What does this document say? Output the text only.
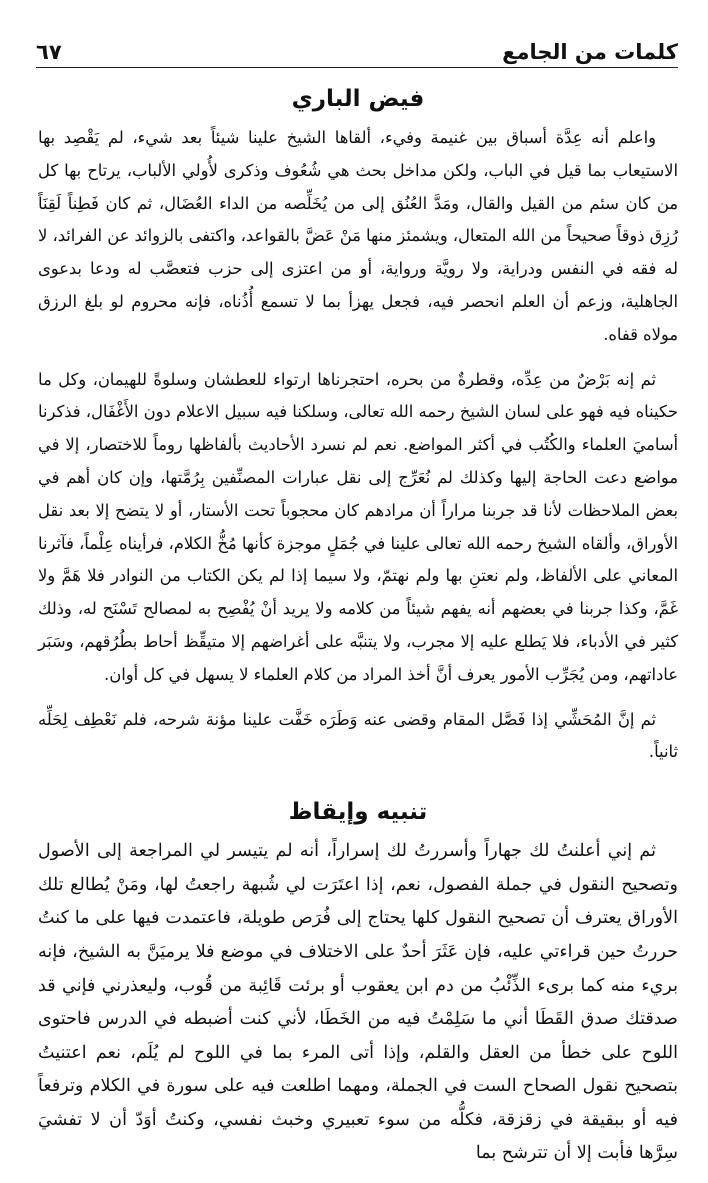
٦٧	كلمات من الجامع
فيض الباري

واعلم أنه عِدَّة أسباق بين غنيمة وفيء، ألقاها الشيخ علينا شيئاً بعد شيء، لم يَقْصِد بها الاستيعاب بما قيل في الباب، ولكن مداخل بحث هي شُعُوف وذكرى لأُولي الألباب، يرتاح بها كل من كان سئم من القيل والقال، ومَدَّ العُنُق إلى من يُخَلِّصه من الداء العُضَال، ثم كان فَطِناً لَقِنَاً رُزِق ذوقاً صحيحاً من الله المتعال، ويشمئز منها مَنْ عَضَّ بالقواعد، واكتفى بالزوائد عن الفرائد، لا له فقه في النفس ودراية، ولا رويَّة ورواية، أو من اعتزى إلى حزب فتعصَّب له ودعا بدعوى الجاهلية، وزعم أن العلم انحصر فيه، فجعل يهزأ بما لا تسمع أُذُناه، فإنه محروم لو بلغ الرزق مولاه قفاه.

ثم إنه بَرْضٌ من عِدِّه، وقطرةٌ من بحره، احتجرناها ارتواء للعطشان وسلوةً للهيمان، وكل ما حكيناه فيه فهو على لسان الشيخ رحمه الله تعالى، وسلكنا فيه سبيل الاعلام دون الأَغْفَال، فذكرنا أساميَ العلماء والكُتُب في أكثر المواضع. نعم لم نسرد الأحاديث بألفاظها روماً للاختصار، إلا في مواضع دعت الحاجة إليها وكذلك لم نُعَرِّج إلى نقل عبارات المصنِّفين بِرُمَّتها، وإن كان أهم في بعض الملاحظات لأنا قد جربنا مراراً أن مرادهم كان محجوباً تحت الأستار، أو لا يتضح إلا بعد نقل الأوراق، وألقاه الشيخ رحمه الله تعالى علينا في جُمَلٍ موجزة كأنها مُخُّ الكلام، فرأيناه عِلْماً، فآثرنا المعاني على الألفاظ، ولم نعتنِ بها ولم نهتمّ، ولا سيما إذا لم يكن الكتاب من النوادر فلا هَمَّ ولا غَمَّ، وكذا جربنا في بعضهم أنه يفهم شيئاً من كلامه ولا يريد أنْ يُفْصِح به لمصالح تَسْنَح له، وذلك كثير في الأدباء، فلا يَطلع عليه إلا مجرب، ولا يتنبَّه على أغراضهم إلا متيقِّظ أحاط بطُرُقهم، وسَبَر عاداتهم، ومن يُجَرِّب الأمور يعرف أنَّ أخذ المراد من كلام العلماء لا يسهل في كل أوان.

ثم إنَّ المُحَشِّي إذا فَصَّل المقام وقضى عنه وَطَرَه خَفَّت علينا مؤنة شرحه، فلم نَعْطِف لِحَلِّه ثانياً.

تنبيه وإيقاظ

ثم إني أعلنتُ لك جهاراً وأسررتُ لك إسراراً، أنه لم يتيسر لي المراجعة إلى الأصول وتصحيح النقول في جملة الفصول، نعم، إذا اعتَرَت لي شُبهة راجعتُ لها، ومَنْ يُطالع تلك الأوراق يعترف أن تصحيح النقول كلها يحتاج إلى فُرَص طويلة، فاعتمدت فيها على ما كنتُ حررتُ حين قراءتي عليه، فإن عَثَرَ أحدٌ على الاختلاف في موضع فلا يرميَنَّ به الشيخ، فإنه بريء منه كما برىء الذِّئْبُ من دم ابن يعقوب أو برئت قَائِبة من قُوب، وليعذرني فإني قد صدقتك صدق القَطَا أني ما سَلِمْتُ فيه من الخَطَا، لأني كنت أضبطه في الدرس فاحتوى اللوح على خطأ من العقل والقلم، وإذا أتى المرء بما في اللوح لم يُلَم، نعم اعتنيتُ بتصحيح نقول الصحاح الست في الجملة، ومهما اطلعت فيه على سورة في الكلام وترفعاً فيه أو ببقيقة في زقزقة، فكلُّه من سوء تعبيري وخبث نفسي، وكنتُ أوَدّ أن لا تفشيَ سِرَّها فأبت إلا أن تترشح بما
